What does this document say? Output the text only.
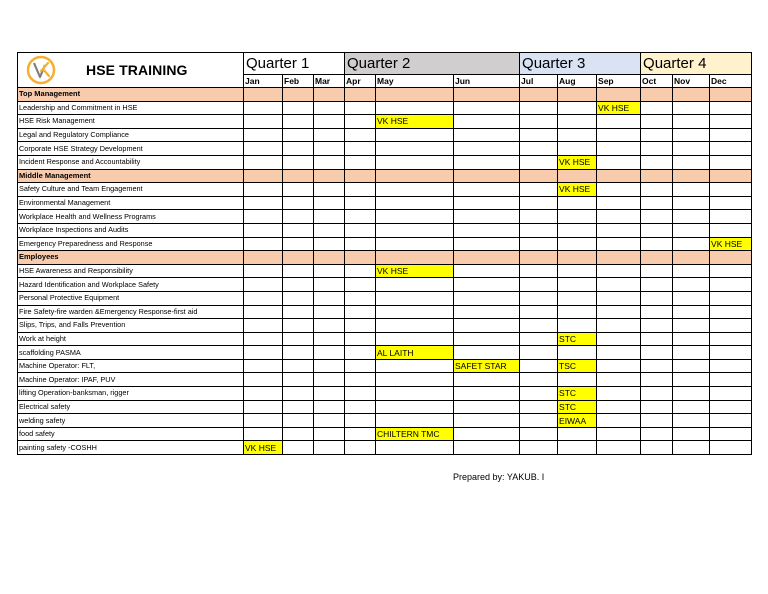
HSE TRAINING	Quarter 1			Quarter 2			Quarter 3			Quarter 4		
	Jan	Feb	Mar	Apr	May	Jun	Jul	Aug	Sep	Oct	Nov	Dec
Top Management												
Leadership and Commitment in HSE									VK HSE			
HSE Risk Management					VK HSE							
Legal and Regulatory Compliance												
Corporate HSE Strategy Development												
Incident Response and Accountability								VK HSE				
Middle Management												
Safety Culture and Team Engagement								VK HSE				
Environmental Management												
Workplace Health and Wellness Programs												
Workplace Inspections and Audits												
Emergency Preparedness and Response												VK HSE
Employees												
HSE Awareness and Responsibility					VK HSE							
Hazard Identification and Workplace Safety												
Personal Protective Equipment												
Fire Safety-fire warden &Emergency Response-first aid												
Slips, Trips, and Falls Prevention												
Work at height								STC				
scaffolding PASMA					AL LAITH							
Machine Operator: FLT,						SAFET STAR		TSC				
Machine Operator: IPAF, PUV												
lifting Operation-banksman, rigger								STC				
Electrical safety								STC				
welding safety								EIWAA				
food safety					CHILTERN TMC							
painting safety -COSHH	VK HSE											
Prepared by: YAKUB. I
